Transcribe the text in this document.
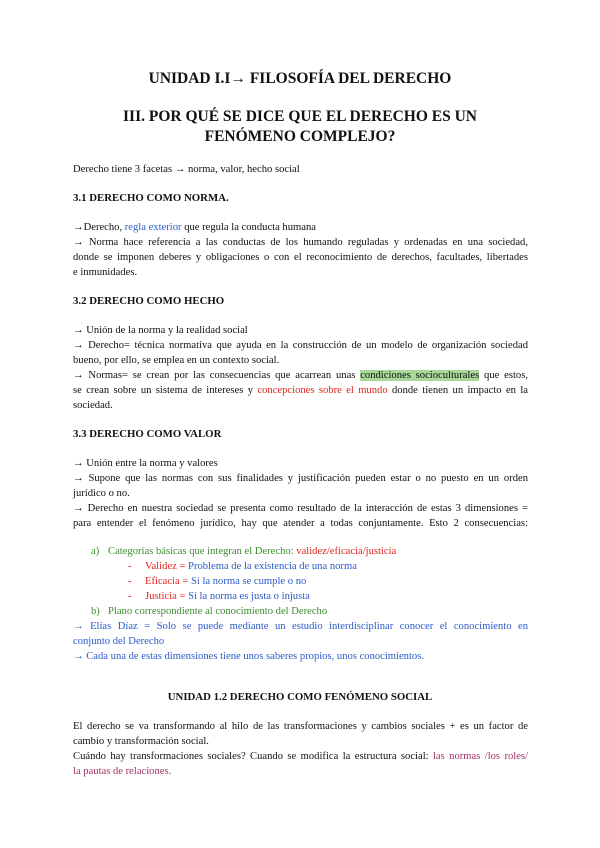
UNIDAD I.I→ FILOSOFÍA DEL DERECHO
III. POR QUÉ SE DICE QUE EL DERECHO ES UN FENÓMENO COMPLEJO?
Derecho tiene 3 facetas → norma, valor, hecho social
3.1 DERECHO COMO NORMA.
→Derecho, regla exterior que regula la conducta humana
→ Norma hace referencia a las conductas de los humando reguladas y ordenadas en una sociedad,
donde se imponen deberes y obligaciones o con el reconocimiento de derechos, facultades, libertades
e inmunidades.
3.2 DERECHO COMO HECHO
→ Unión de la norma y la realidad social
→ Derecho= técnica normativa que ayuda en la construcción de un modelo de organización sociedad
bueno, por ello, se emplea en un contexto social.
→ Normas= se crean por las consecuencias que acarrean unas condiciones socioculturales que estos,
se crean sobre un sistema de intereses y concepciones sobre el mundo donde tienen un impacto en la
sociedad.
3.3 DERECHO COMO VALOR
→ Unión entre la norma y valores
→ Supone que las normas con sus finalidades y justificación pueden estar o no puesto en un orden
jurídico o no.
→ Derecho en nuestra sociedad se presenta como resultado de la interacción de estas 3 dimensiones =
para entender el fenómeno jurídico, hay que atender a todas conjuntamente. Esto 2 consecuencias:
a) Categorías básicas que integran el Derecho: validez/eficacia/justicia
-	Validez = Problema de la existencia de una norma
-	Eficacia = Si la norma se cumple o no
-	Justicia = Si la norma es justa o injusta
b) Plano correspondiente al conocimiento del Derecho
→ Elías Díaz = Solo se puede mediante un estudio interdisciplinar conocer el conocimiento en
conjunto del Derecho
→ Cada una de estas dimensiones tiene unos saberes propios, unos conocimientos.
UNIDAD 1.2 DERECHO COMO FENÓMENO SOCIAL
El derecho se va transformando al hilo de las transformaciones y cambios sociales + es un factor de
cambio y transformación social.
Cuándo hay transformaciones sociales? Cuando se modifica la estructura social: las normas /los roles/
la pautas de relaciones.
